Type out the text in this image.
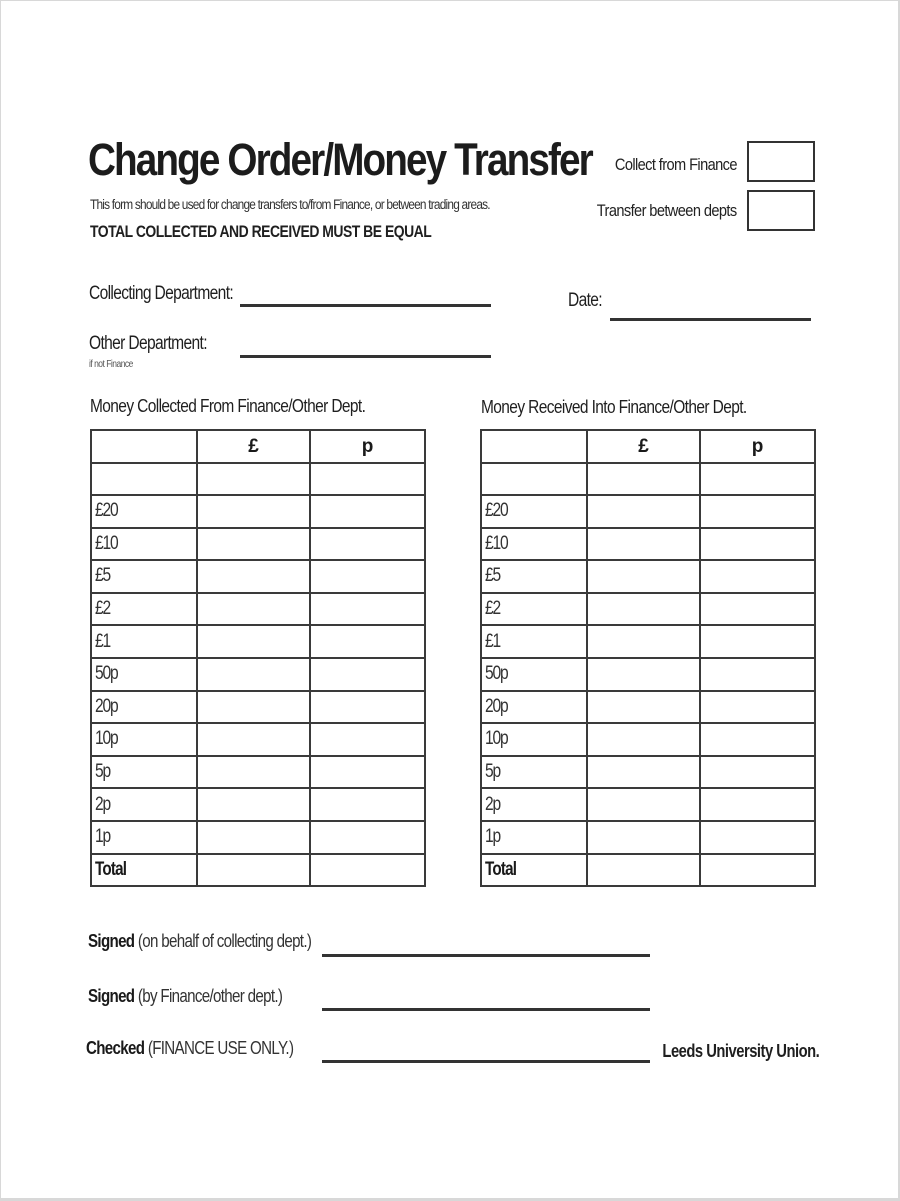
Change Order/Money Transfer
This form should be used for change transfers to/from Finance, or between trading areas.
TOTAL COLLECTED AND RECEIVED MUST BE EQUAL
Collect from Finance
Transfer between depts
Collecting Department:	Date:
Other Department:
if not Finance
Money Collected From Finance/Other Dept.	Money Received Into Finance/Other Dept.
	£	p

£20		
£10		
£5		
£2		
£1		
50p		
20p		
10p		
5p		
2p		
1p		
Total		
	£	p

£20		
£10		
£5		
£2		
£1		
50p		
20p		
10p		
5p		
2p		
1p		
Total		
Signed (on behalf of collecting dept.)
Signed (by Finance/other dept.)
Checked (FINANCE USE ONLY.)	Leeds University Union.
